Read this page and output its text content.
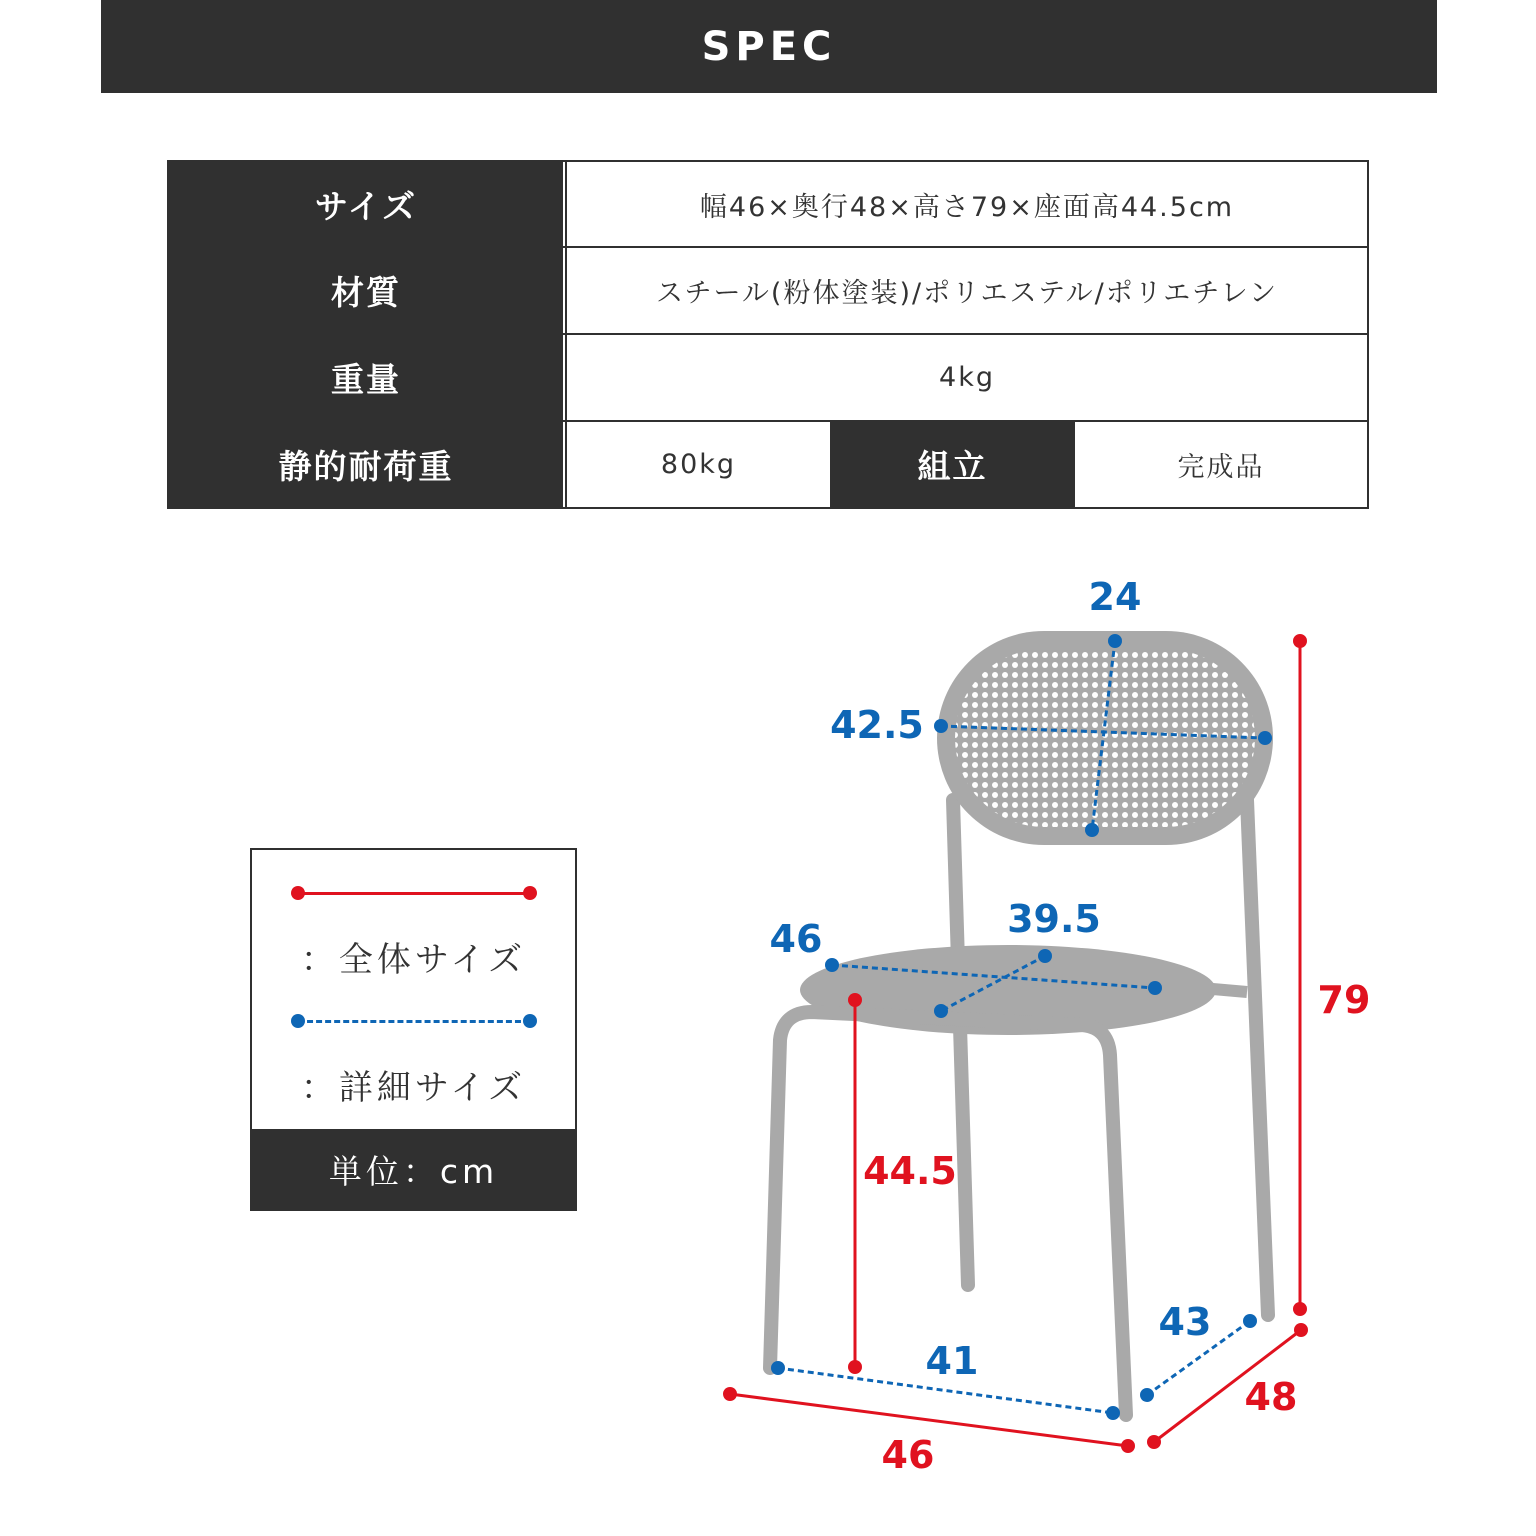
SPEC
サイズ	幅46×奥行48×高さ79×座面高44.5cm
材質	スチール(粉体塗装)/ポリエステル/ポリエチレン
重量	4kg
静的耐荷重	80kg	組立	完成品
：全体サイズ
：詳細サイズ
単位：cm
24
42.5
46	39.5
79
44.5
41
43
46
48
